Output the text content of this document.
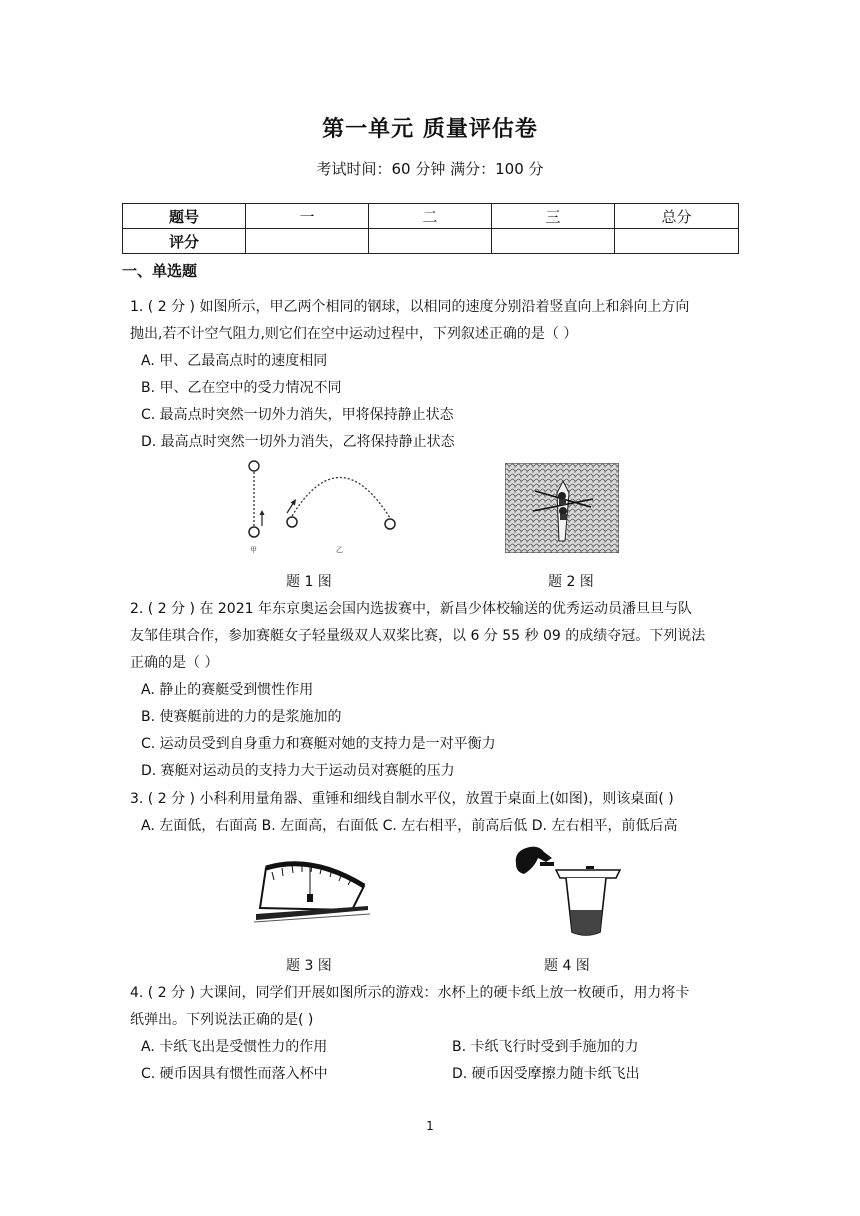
第一单元 质量评估卷
考试时间：60 分钟 满分：100 分
题号	一	二	三	总分
评分				
一、单选题
1. ( 2 分 ) 如图所示，甲乙两个相同的钢球，以相同的速度分别沿着竖直向上和斜向上方向
抛出,若不计空气阻力,则它们在空中运动过程中，下列叙述正确的是（ ）
A. 甲、乙最高点时的速度相同
B. 甲、乙在空中的受力情况不同
C. 最高点时突然一切外力消失，甲将保持静止状态
D. 最高点时突然一切外力消失，乙将保持静止状态
甲	乙
题 1 图	题 2 图
2. ( 2 分 ) 在 2021 年东京奥运会国内选拔赛中，新昌少体校输送的优秀运动员潘旦旦与队
友邹佳琪合作，参加赛艇女子轻量级双人双桨比赛，以 6 分 55 秒 09 的成绩夺冠。下列说法
正确的是（ ）
A. 静止的赛艇受到惯性作用
B. 使赛艇前进的力的是浆施加的
C. 运动员受到自身重力和赛艇对她的支持力是一对平衡力
D. 赛艇对运动员的支持力大于运动员对赛艇的压力
3. ( 2 分 ) 小科利用量角器、重锤和细线自制水平仪，放置于桌面上(如图)，则该桌面( )
A. 左面低，右面高 B. 左面高，右面低 C. 左右相平，前高后低 D. 左右相平，前低后高
题 3 图	题 4 图
4. ( 2 分 ) 大课间，同学们开展如图所示的游戏：水杯上的硬卡纸上放一枚硬币，用力将卡
纸弹出。下列说法正确的是( )
A. 卡纸飞出是受惯性力的作用	B. 卡纸飞行时受到手施加的力
C. 硬币因具有惯性而落入杯中	D. 硬币因受摩擦力随卡纸飞出
1
